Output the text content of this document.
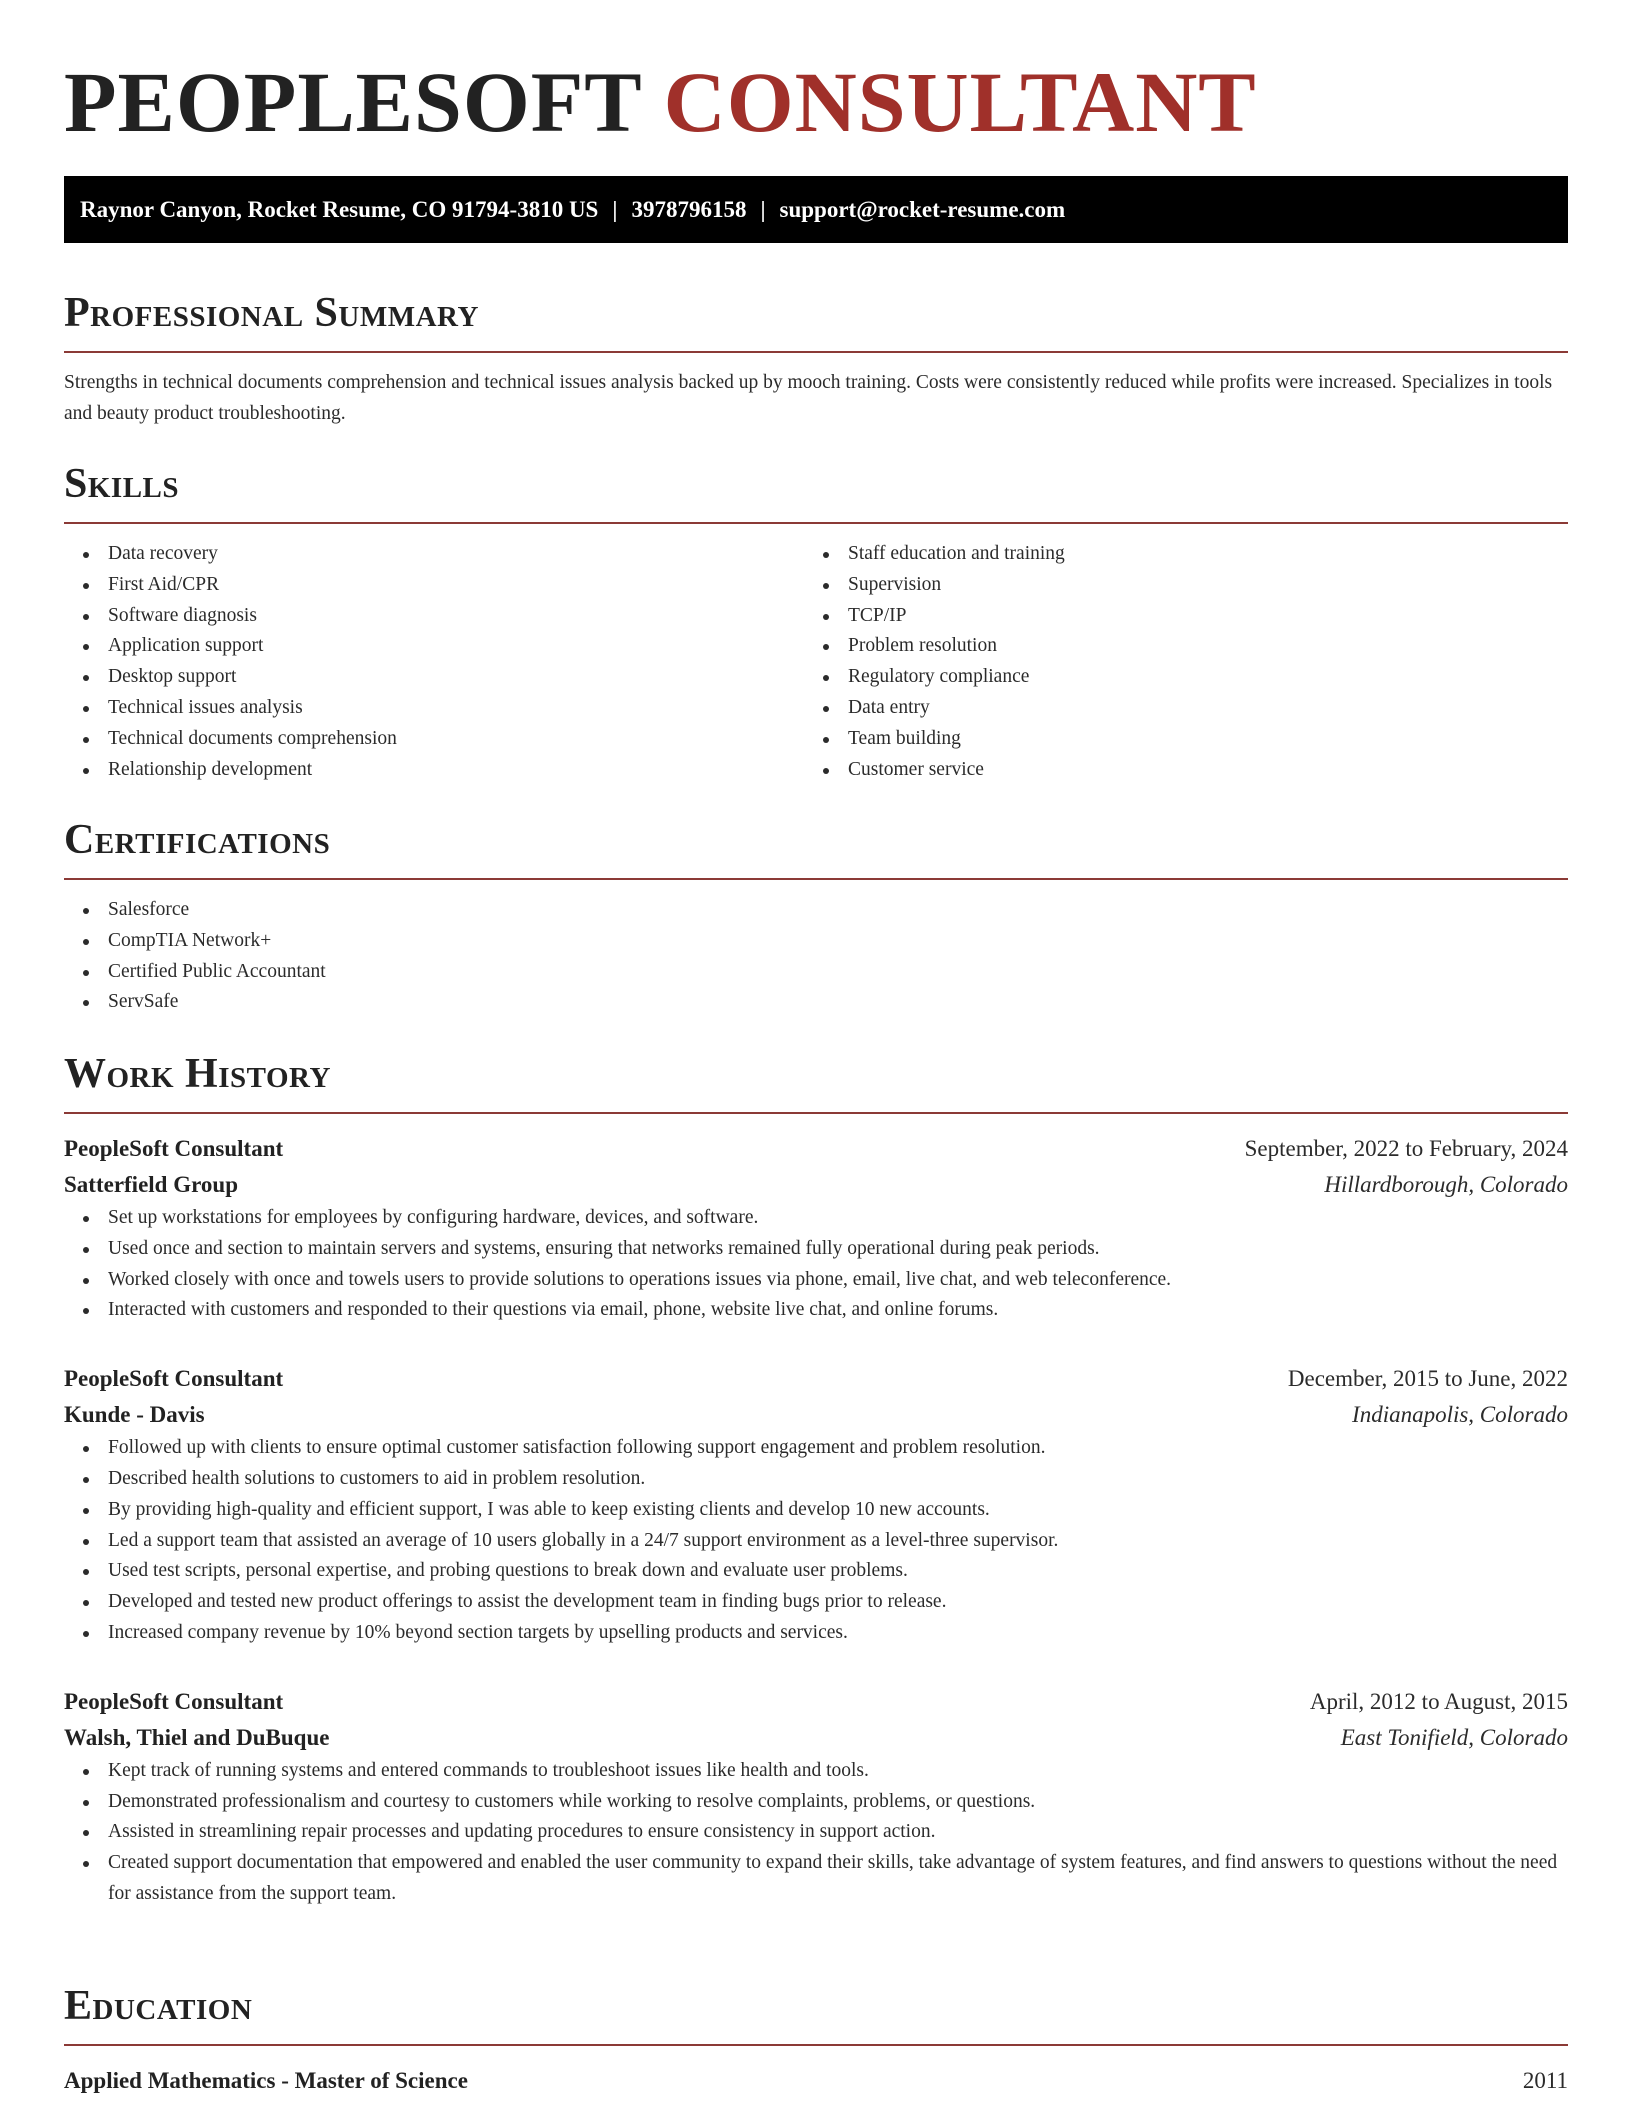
PEOPLESOFT CONSULTANT
Raynor Canyon, Rocket Resume, CO 91794-3810 US | 3978796158 | support@rocket-resume.com
Professional Summary
Strengths in technical documents comprehension and technical issues analysis backed up by mooch training. Costs were consistently reduced while profits were increased. Specializes in tools and beauty product troubleshooting.
Skills
Data recovery
First Aid/CPR
Software diagnosis
Application support
Desktop support
Technical issues analysis
Technical documents comprehension
Relationship development
Staff education and training
Supervision
TCP/IP
Problem resolution
Regulatory compliance
Data entry
Team building
Customer service
Certifications
Salesforce
CompTIA Network+
Certified Public Accountant
ServSafe
Work History
PeopleSoft Consultant	September, 2022 to February, 2024
Satterfield Group	Hillardborough, Colorado
Set up workstations for employees by configuring hardware, devices, and software.
Used once and section to maintain servers and systems, ensuring that networks remained fully operational during peak periods.
Worked closely with once and towels users to provide solutions to operations issues via phone, email, live chat, and web teleconference.
Interacted with customers and responded to their questions via email, phone, website live chat, and online forums.
PeopleSoft Consultant	December, 2015 to June, 2022
Kunde - Davis	Indianapolis, Colorado
Followed up with clients to ensure optimal customer satisfaction following support engagement and problem resolution.
Described health solutions to customers to aid in problem resolution.
By providing high-quality and efficient support, I was able to keep existing clients and develop 10 new accounts.
Led a support team that assisted an average of 10 users globally in a 24/7 support environment as a level-three supervisor.
Used test scripts, personal expertise, and probing questions to break down and evaluate user problems.
Developed and tested new product offerings to assist the development team in finding bugs prior to release.
Increased company revenue by 10% beyond section targets by upselling products and services.
PeopleSoft Consultant	April, 2012 to August, 2015
Walsh, Thiel and DuBuque	East Tonifield, Colorado
Kept track of running systems and entered commands to troubleshoot issues like health and tools.
Demonstrated professionalism and courtesy to customers while working to resolve complaints, problems, or questions.
Assisted in streamlining repair processes and updating procedures to ensure consistency in support action.
Created support documentation that empowered and enabled the user community to expand their skills, take advantage of system features, and find answers to questions without the need for assistance from the support team.
Education
Applied Mathematics - Master of Science	2011
